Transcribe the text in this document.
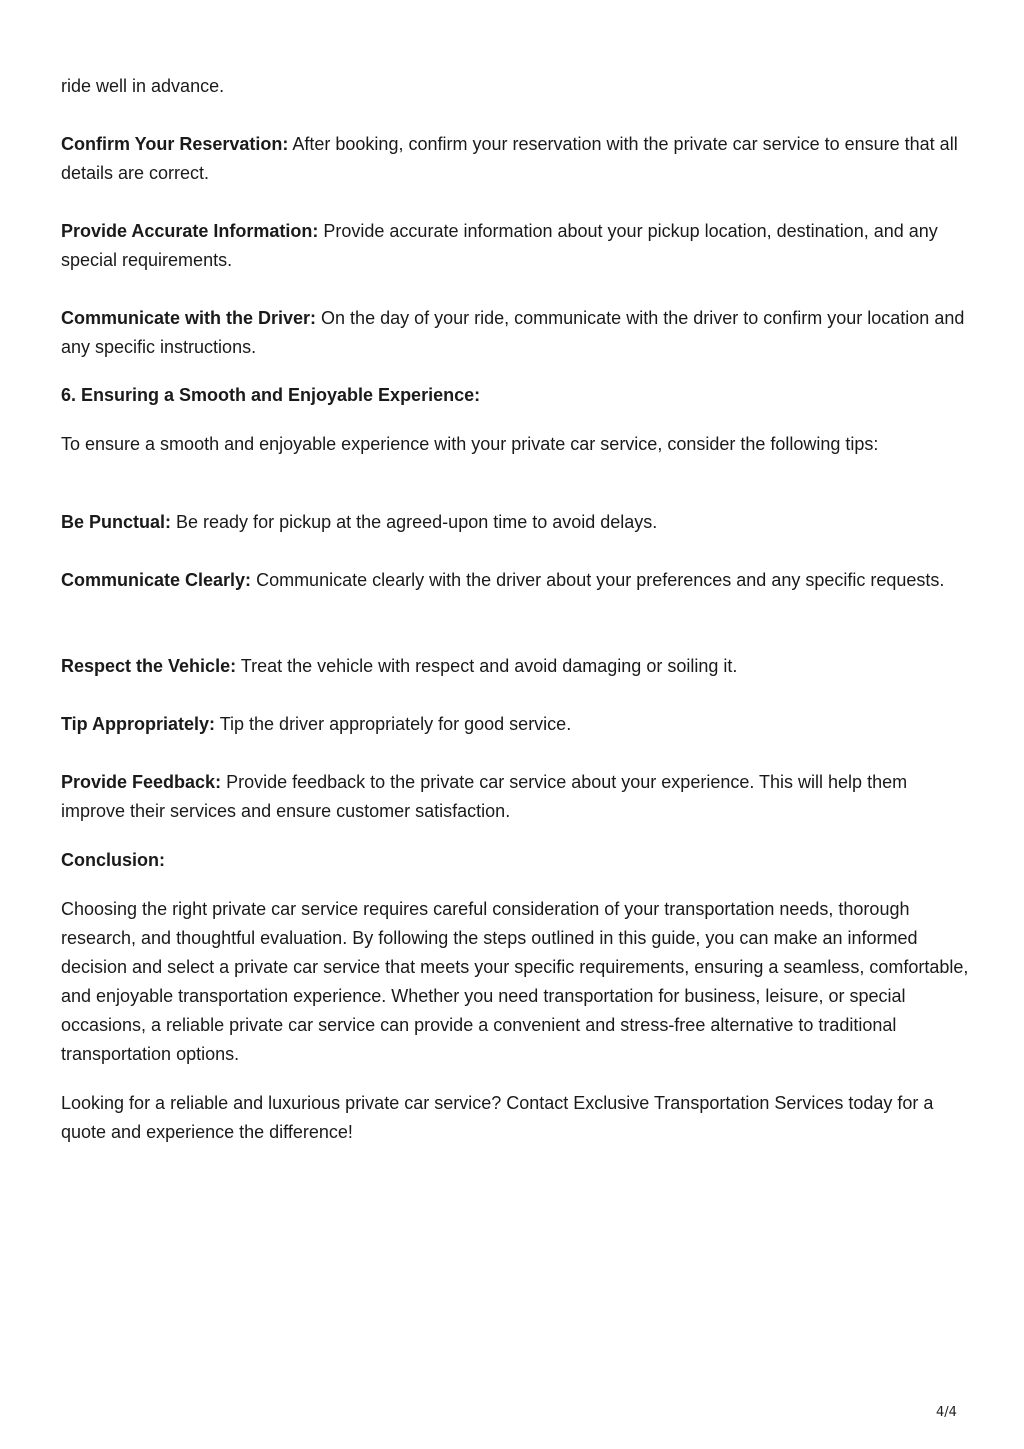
ride well in advance.

Confirm Your Reservation: After booking, confirm your reservation with the private car service to ensure that all details are correct.

Provide Accurate Information: Provide accurate information about your pickup location, destination, and any special requirements.

Communicate with the Driver: On the day of your ride, communicate with the driver to confirm your location and any specific instructions.

6. Ensuring a Smooth and Enjoyable Experience:

To ensure a smooth and enjoyable experience with your private car service, consider the following tips:

Be Punctual: Be ready for pickup at the agreed-upon time to avoid delays.

Communicate Clearly: Communicate clearly with the driver about your preferences and any specific requests.

Respect the Vehicle: Treat the vehicle with respect and avoid damaging or soiling it.

Tip Appropriately: Tip the driver appropriately for good service.

Provide Feedback: Provide feedback to the private car service about your experience. This will help them improve their services and ensure customer satisfaction.

Conclusion:

Choosing the right private car service requires careful consideration of your transportation needs, thorough research, and thoughtful evaluation. By following the steps outlined in this guide, you can make an informed decision and select a private car service that meets your specific requirements, ensuring a seamless, comfortable, and enjoyable transportation experience. Whether you need transportation for business, leisure, or special occasions, a reliable private car service can provide a convenient and stress-free alternative to traditional transportation options.

Looking for a reliable and luxurious private car service? Contact Exclusive Transportation Services today for a quote and experience the difference!

4/4
